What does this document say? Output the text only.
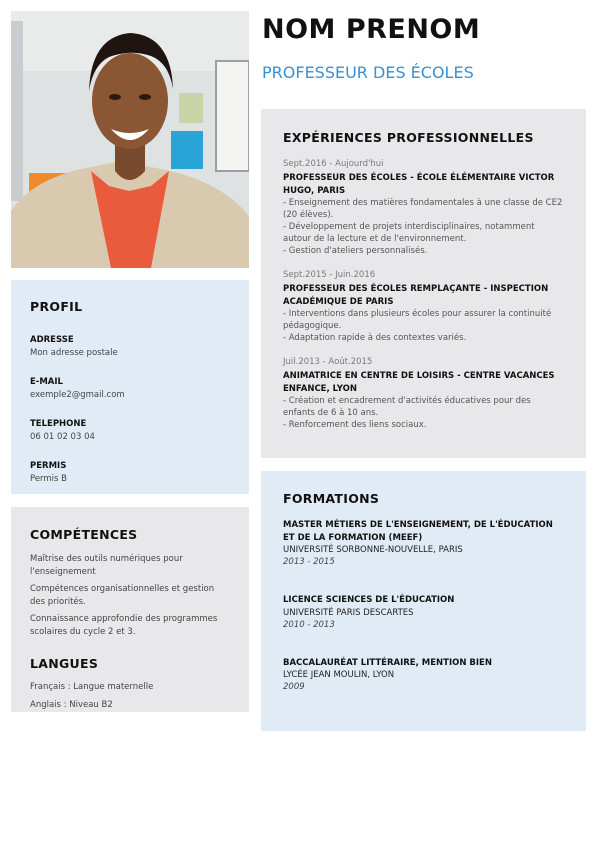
NOM PRENOM
PROFESSEUR DES ÉCOLES
PROFIL
ADRESSE
Mon adresse postale
E-MAIL
exemple2@gmail.com
TELEPHONE
06 01 02 03 04
PERMIS
Permis B
COMPÉTENCES
Maîtrise des outils numériques pour l'enseignement
Compétences organisationnelles et gestion des priorités.
Connaissance approfondie des programmes scolaires du cycle 2 et 3.
LANGUES
Français : Langue maternelle
Anglais : Niveau B2
EXPÉRIENCES PROFESSIONNELLES
Sept.2016 - Aujourd'hui
PROFESSEUR DES ÉCOLES - ÉCOLE ÉLÉMENTAIRE VICTOR HUGO, PARIS
- Enseignement des matières fondamentales à une classe de CE2 (20 élèves).
- Développement de projets interdisciplinaires, notamment autour de la lecture et de l'environnement.
- Gestion d'ateliers personnalisés.
Sept.2015 - Juin.2016
PROFESSEUR DES ÉCOLES REMPLAÇANTE - INSPECTION ACADÉMIQUE DE PARIS
- Interventions dans plusieurs écoles pour assurer la continuité pédagogique.
- Adaptation rapide à des contextes variés.
Juil.2013 - Août.2015
ANIMATRICE EN CENTRE DE LOISIRS - CENTRE VACANCES ENFANCE, LYON
- Création et encadrement d'activités éducatives pour des enfants de 6 à 10 ans.
- Renforcement des liens sociaux.
FORMATIONS
MASTER MÉTIERS DE L'ENSEIGNEMENT, DE L'ÉDUCATION ET DE LA FORMATION (MEEF)
UNIVERSITÉ SORBONNE-NOUVELLE, PARIS
2013 - 2015
LICENCE SCIENCES DE L'ÉDUCATION
UNIVERSITÉ PARIS DESCARTES
2010 - 2013
BACCALAURÉAT LITTÉRAIRE, MENTION BIEN
LYCÉE JEAN MOULIN, LYON
2009
